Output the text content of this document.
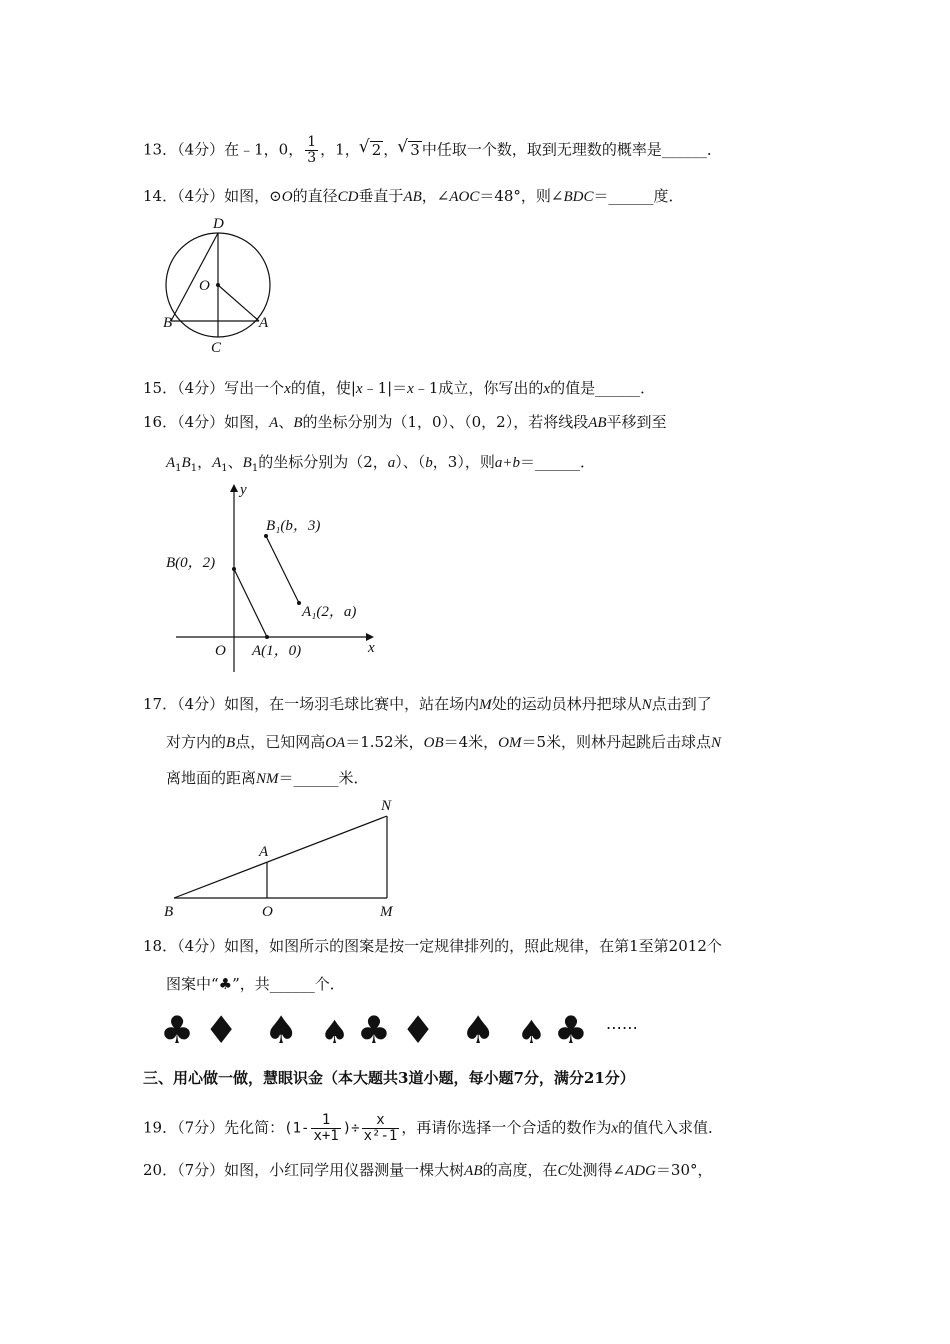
13．（4分）在﹣1，0， $\frac{1}{3}$ ，1， √ 2 ， √ 3 中任取一个数，取到无理数的概率是______．
14．（4分）如图，⊙O的直径CD垂直于AB，∠AOC＝48°，则∠BDC＝______度．
D
O
B	A
C
15．（4分）写出一个x的值，使|x﹣1|＝x﹣1成立，你写出的x的值是______．
16．（4分）如图，A、B的坐标分别为（1，0）、（0，2），若将线段AB平移到至
$A_1B_1$，$A_1$、$B_1$的坐标分别为（2，a）、（b，3），则a+b＝______．
y
x
O
B(0，2)
A(1，0)
B₁(b，3)
A₁(2，a)
17．（4分）如图，在一场羽毛球比赛中，站在场内M处的运动员林丹把球从N点击到了
对方内的B点，已知网高OA＝1.52米，OB＝4米，OM＝5米，则林丹起跳后击球点N
离地面的距离NM＝______米．
N
A
B	O	M
18．（4分）如图，如图所示的图案是按一定规律排列的，照此规律，在第1至第2012个
图案中“♣”，共______个．
♣ ♦ ♠ ♠ ♣ ♦ ♠ ♠ ♣ ……
三、用心做一做，慧眼识金（本大题共3道小题，每小题7分，满分21分）
19．（7分）先化简：($1- \frac{1}{x+1}$ )÷ $\frac{x}{\text{x²-1}}$ ，再请你选择一个合适的数作为x的值代入求值．
20．（7分）如图，小红同学用仪器测量一棵大树AB的高度，在C处测得∠ADG＝30°，
